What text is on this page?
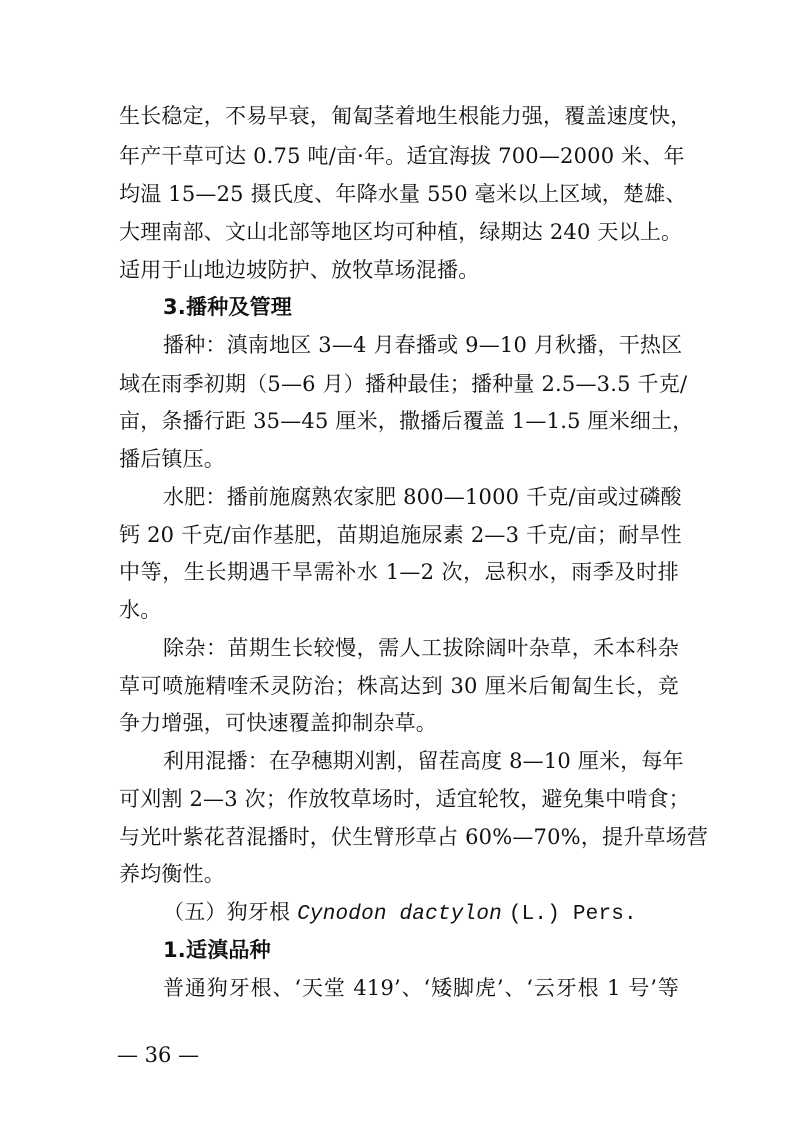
生长稳定，不易早衰，匍匐茎着地生根能力强，覆盖速度快，
年产干草可达 0.75 吨/亩·年。适宜海拔 700—2000 米、年
均温 15—25 摄氏度、年降水量 550 毫米以上区域，楚雄、
大理南部、文山北部等地区均可种植，绿期达 240 天以上。
适用于山地边坡防护、放牧草场混播。
3.播种及管理
播种：滇南地区 3—4 月春播或 9—10 月秋播，干热区
域在雨季初期（5—6 月）播种最佳；播种量 2.5—3.5 千克/
亩，条播行距 35—45 厘米，撒播后覆盖 1—1.5 厘米细土，
播后镇压。
水肥：播前施腐熟农家肥 800—1000 千克/亩或过磷酸
钙 20 千克/亩作基肥，苗期追施尿素 2—3 千克/亩；耐旱性
中等，生长期遇干旱需补水 1—2 次，忌积水，雨季及时排
水。
除杂：苗期生长较慢，需人工拔除阔叶杂草，禾本科杂
草可喷施精喹禾灵防治；株高达到 30 厘米后匍匐生长，竞
争力增强，可快速覆盖抑制杂草。
利用混播：在孕穗期刈割，留茬高度 8—10 厘米，每年
可刈割 2—3 次；作放牧草场时，适宜轮牧，避免集中啃食；
与光叶紫花苕混播时，伏生臂形草占 60%—70%，提升草场营
养均衡性。
（五）狗牙根 Cynodon dactylon (L.) Pers.
1.适滇品种
普通狗牙根、‘天堂 419’、‘矮脚虎’、‘云牙根 1 号’等
— 36 —
